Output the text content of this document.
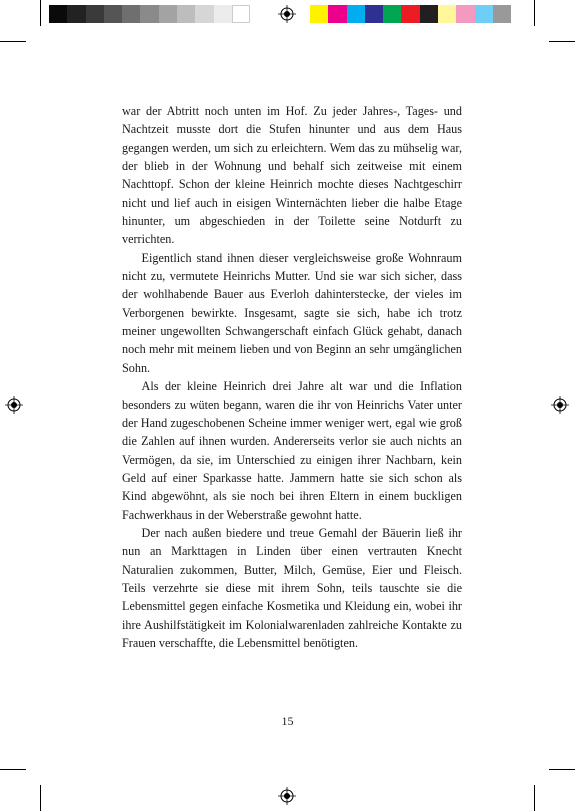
war der Abtritt noch unten im Hof. Zu jeder Jahres-, Tages- und Nachtzeit musste dort die Stufen hinunter und aus dem Haus gegangen werden, um sich zu erleichtern. Wem das zu mühselig war, der blieb in der Wohnung und behalf sich zeitweise mit einem Nachttopf. Schon der kleine Heinrich mochte dieses Nachtgeschirr nicht und lief auch in eisigen Winternächten lieber die halbe Etage hinunter, um abgeschieden in der Toilette seine Notdurft zu verrichten.

Eigentlich stand ihnen dieser vergleichsweise große Wohnraum nicht zu, vermutete Heinrichs Mutter. Und sie war sich sicher, dass der wohlhabende Bauer aus Everloh dahinterstecke, der vieles im Verborgenen bewirkte. Insgesamt, sagte sie sich, habe ich trotz meiner ungewollten Schwangerschaft einfach Glück gehabt, danach noch mehr mit meinem lieben und von Beginn an sehr umgänglichen Sohn.

Als der kleine Heinrich drei Jahre alt war und die Inflation besonders zu wüten begann, waren die ihr von Heinrichs Vater unter der Hand zugeschobenen Scheine immer weniger wert, egal wie groß die Zahlen auf ihnen wurden. Andererseits verlor sie auch nichts an Vermögen, da sie, im Unterschied zu einigen ihrer Nachbarn, kein Geld auf einer Sparkasse hatte. Jammern hatte sie sich schon als Kind abgewöhnt, als sie noch bei ihren Eltern in einem buckligen Fachwerkhaus in der Weberstraße gewohnt hatte.

Der nach außen biedere und treue Gemahl der Bäuerin ließ ihr nun an Markttagen in Linden über einen vertrauten Knecht Naturalien zukommen, Butter, Milch, Gemüse, Eier und Fleisch. Teils verzehrte sie diese mit ihrem Sohn, teils tauschte sie die Lebensmittel gegen einfache Kosmetika und Kleidung ein, wobei ihr ihre Aushilfstätigkeit im Kolonialwarenladen zahlreiche Kontakte zu Frauen verschaffte, die Lebensmittel benötigten.

15
